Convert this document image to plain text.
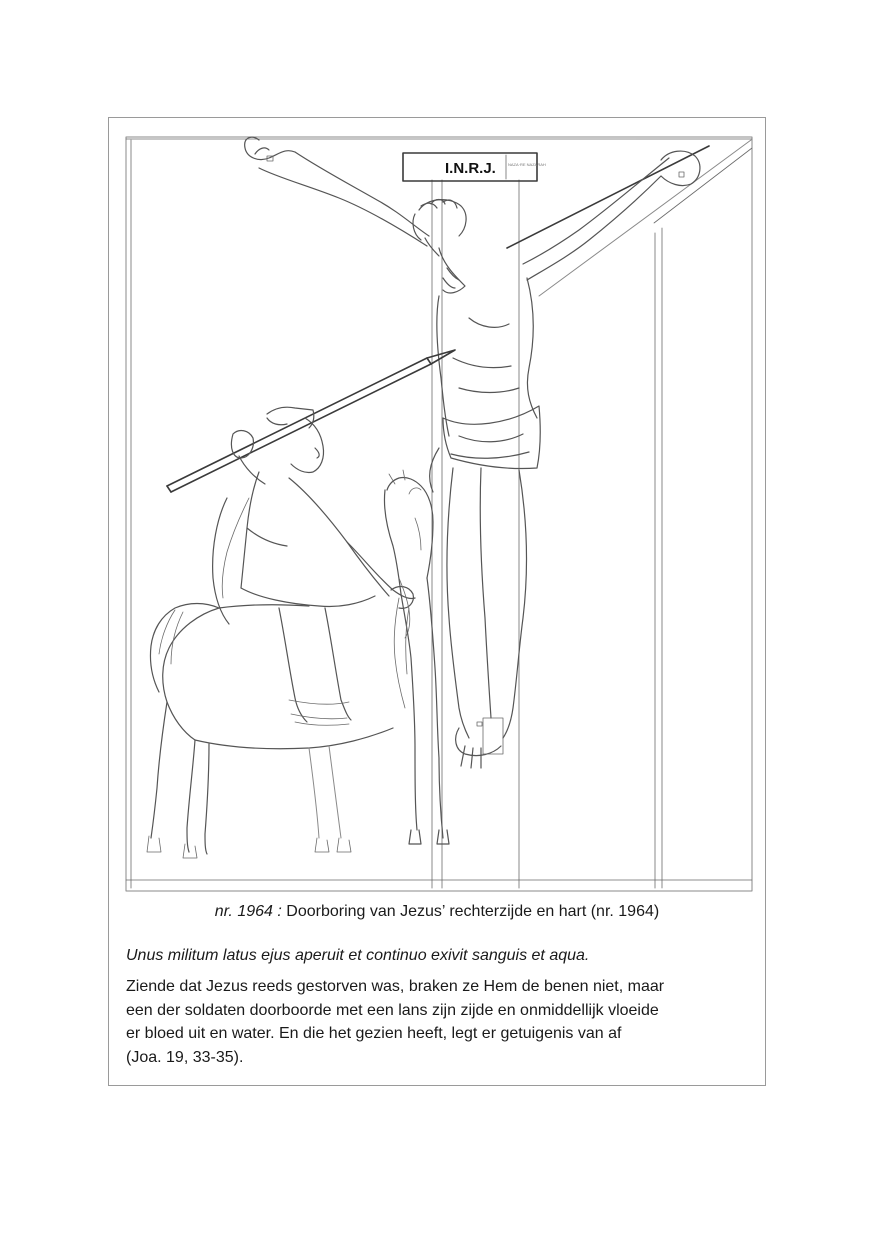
I.N.R.J.	NAZA·RE NAZARAH
nr. 1964 : Doorboring van Jezus’ rechterzijde en hart (nr. 1964)
Unus militum latus ejus aperuit et continuo exivit sanguis et aqua.
Ziende dat Jezus reeds gestorven was, braken ze Hem de benen niet, maar
een der soldaten doorboorde met een lans zijn zijde en onmiddellijk vloeide
er bloed uit en water. En die het gezien heeft, legt er getuigenis van af
(Joa. 19, 33-35).
